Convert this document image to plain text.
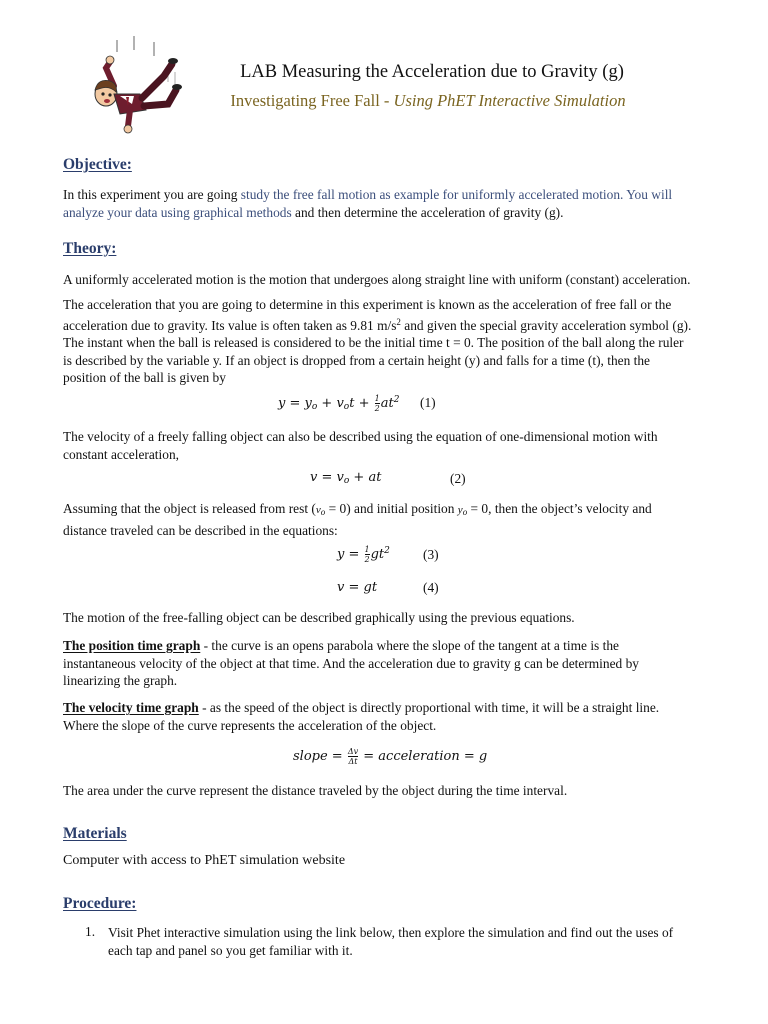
LAB Measuring the Acceleration due to Gravity (g)
Investigating Free Fall - Using PhET Interactive Simulation
Objective:
In this experiment you are going study the free fall motion as example for uniformly accelerated motion. You will
analyze your data using graphical methods and then determine the acceleration of gravity (g).
Theory:
A uniformly accelerated motion is the motion that undergoes along straight line with uniform (constant) acceleration.
The acceleration that you are going to determine in this experiment is known as the acceleration of free fall or the
acceleration due to gravity. Its value is often taken as 9.81 $m/s^2$ and given the special gravity acceleration symbol (g).
The instant when the ball is released is considered to be the initial time t = 0. The position of the ball along the ruler
is described by the variable y. If an object is dropped from a certain height (y) and falls for a time (t), then the
position of the ball is given by
$y = y_o + v_ot + \frac{1}{2} at^2$ (1)
The velocity of a freely falling object can also be described using the equation of one-dimensional motion with
constant acceleration,
$v = v_o$ + at	(2)
Assuming that the object is released from rest $(v_o = 0)$ and initial position $y_o = 0$, then the object’s velocity and
distance traveled can be described in the equations:
$y = \frac{1}{2} gt^2$ (3)
v = gt	(4)
The motion of the free-falling object can be described graphically using the previous equations.
The position time graph - the curve is an opens parabola where the slope of the tangent at a time is the
instantaneous velocity of the object at that time. And the acceleration due to gravity g can be determined by
linearizing the graph.
The velocity time graph - as the speed of the object is directly proportional with time, it will be a straight line.
Where the slope of the curve represents the acceleration of the object.
slope = $\frac{\Delta v}{\Delta t}$ = acceleration = g
The area under the curve represent the distance traveled by the object during the time interval.
Materials
Computer with access to PhET simulation website
Procedure:
1. Visit Phet interactive simulation using the link below, then explore the simulation and find out the uses of
each tap and panel so you get familiar with it.
